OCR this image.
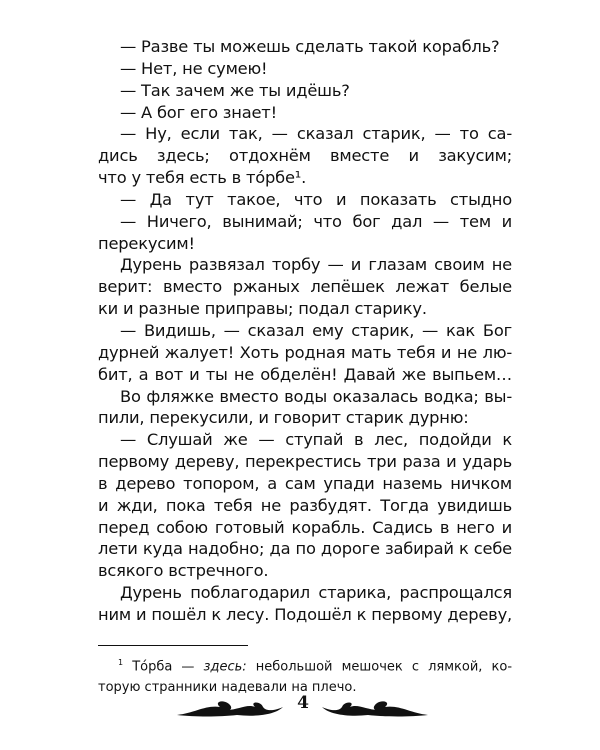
— Разве ты можешь сделать такой корабль?
— Нет, не сумею!
— Так зачем же ты идёшь?
— А бог его знает!
— Ну, если так, — сказал старик, — то са-
дись здесь; отдохнём вместе и закусим;
что у тебя есть в то́рбе¹.
— Да тут такое, что и показать стыдно
— Ничего, вынимай; что бог дал — тем и
перекусим!
Дурень развязал торбу — и глазам своим не
верит: вместо ржаных лепёшек лежат белые
ки и разные приправы; подал старику.
— Видишь, — сказал ему старик, — как Бог
дурней жалует! Хоть родная мать тебя и не лю-
бит, а вот и ты не обделён! Давай же выпьем…
Во фляжке вместо воды оказалась водка; вы-
пили, перекусили, и говорит старик дурню:
— Слушай же — ступай в лес, подойди к
первому дереву, перекрестись три раза и ударь
в дерево топором, а сам упади наземь ничком
и жди, пока тебя не разбудят. Тогда увидишь
перед собою готовый корабль. Садись в него и
лети куда надобно; да по дороге забирай к себе
всякого встречного.
Дурень поблагодарил старика, распрощался
ним и пошёл к лесу. Подошёл к первому дереву,
$^1$ То́рба — здесь: небольшой мешочек с лямкой, ко-
торую странники надевали на плечо.
4
